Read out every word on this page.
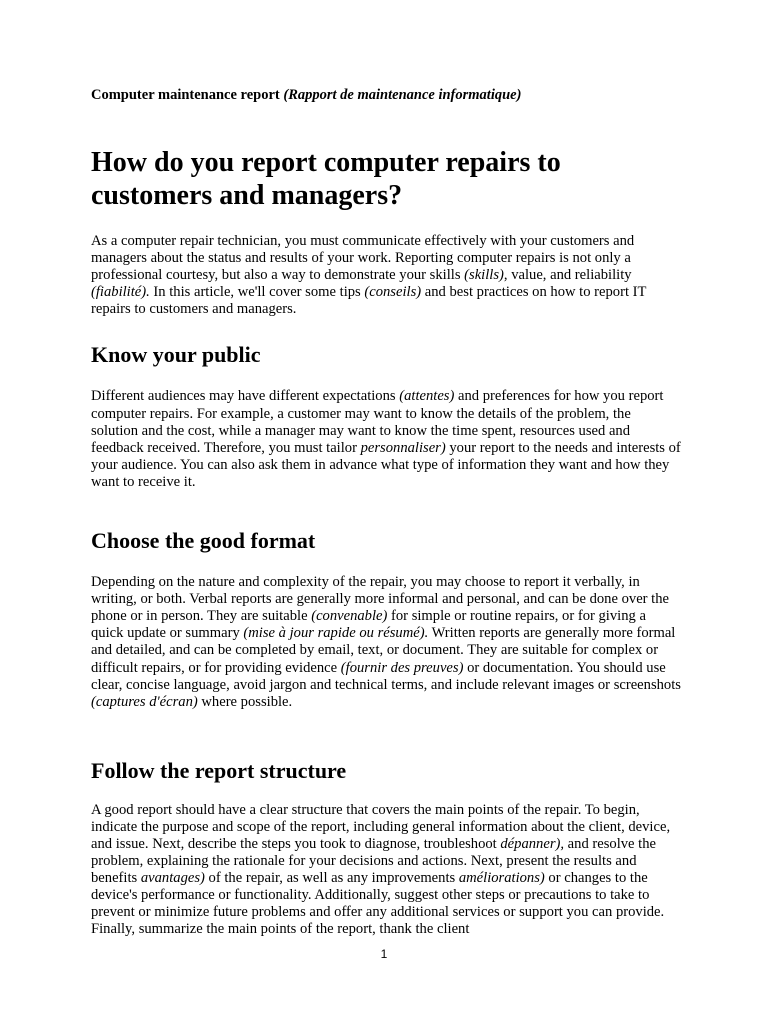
Computer maintenance report (Rapport de maintenance informatique)
How do you report computer repairs to customers and managers?

As a computer repair technician, you must communicate effectively with your customers and managers about the status and results of your work. Reporting computer repairs is not only a professional courtesy, but also a way to demonstrate your skills (skills), value, and reliability (fiabilité). In this article, we'll cover some tips (conseils) and best practices on how to report IT repairs to customers and managers.

Know your public

Different audiences may have different expectations (attentes) and preferences for how you report computer repairs. For example, a customer may want to know the details of the problem, the solution and the cost, while a manager may want to know the time spent, resources used and feedback received. Therefore, you must tailor personnaliser) your report to the needs and interests of your audience. You can also ask them in advance what type of information they want and how they want to receive it.

Choose the good format

Depending on the nature and complexity of the repair, you may choose to report it verbally, in writing, or both. Verbal reports are generally more informal and personal, and can be done over the phone or in person. They are suitable (convenable) for simple or routine repairs, or for giving a quick update or summary (mise à jour rapide ou résumé). Written reports are generally more formal and detailed, and can be completed by email, text, or document. They are suitable for complex or difficult repairs, or for providing evidence (fournir des preuves) or documentation. You should use clear, concise language, avoid jargon and technical terms, and include relevant images or screenshots (captures d'écran) where possible.

Follow the report structure

A good report should have a clear structure that covers the main points of the repair. To begin, indicate the purpose and scope of the report, including general information about the client, device, and issue. Next, describe the steps you took to diagnose, troubleshoot dépanner), and resolve the problem, explaining the rationale for your decisions and actions. Next, present the results and benefits avantages) of the repair, as well as any improvements améliorations) or changes to the device's performance or functionality. Additionally, suggest other steps or precautions to take to prevent or minimize future problems and offer any additional services or support you can provide. Finally, summarize the main points of the report, thank the client

1
